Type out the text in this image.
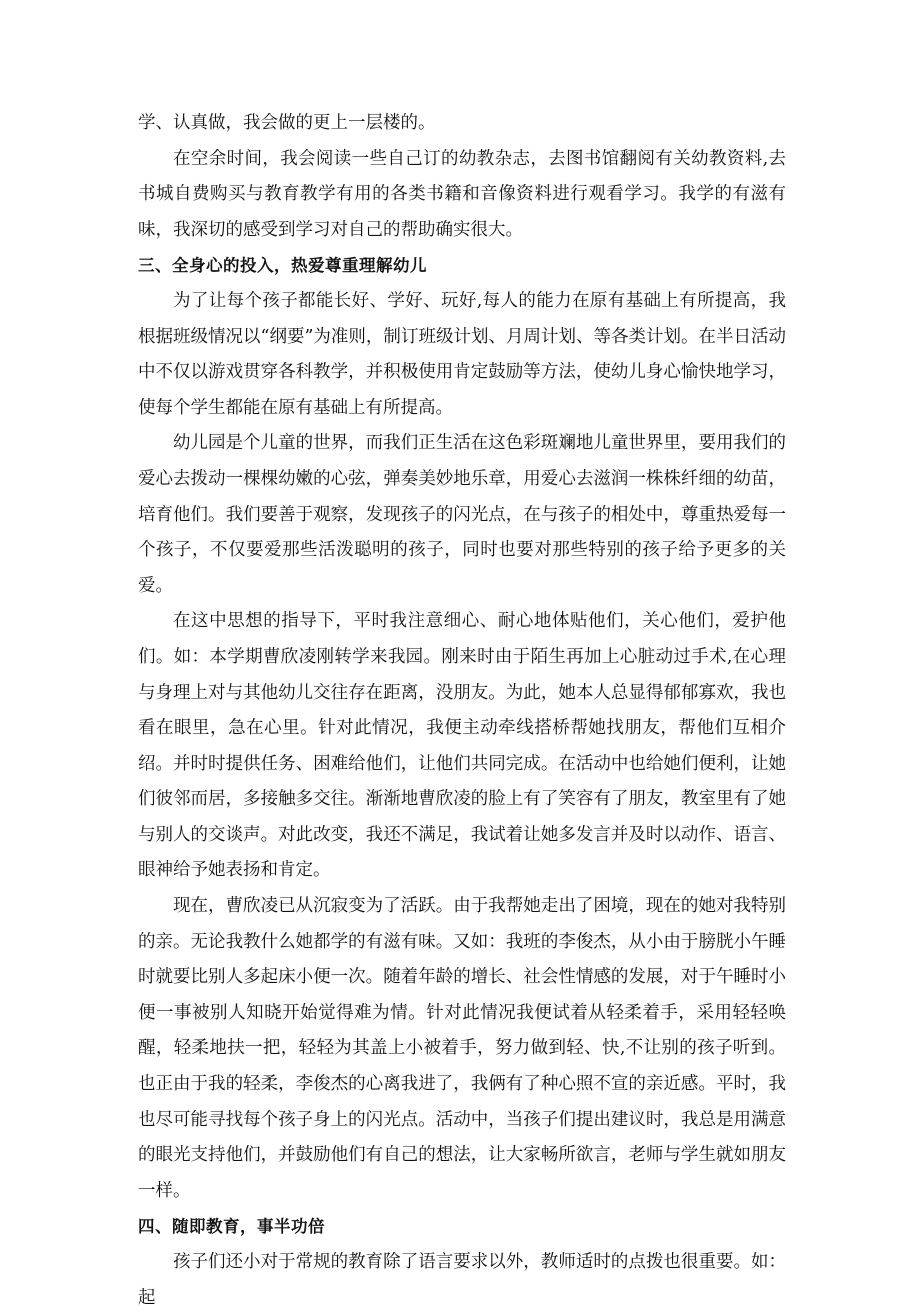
学、认真做，我会做的更上一层楼的。

在空余时间，我会阅读一些自己订的幼教杂志，去图书馆翻阅有关幼教资料,去书城自费购买与教育教学有用的各类书籍和音像资料进行观看学习。我学的有滋有味，我深切的感受到学习对自己的帮助确实很大。

三、全身心的投入，热爱尊重理解幼儿

为了让每个孩子都能长好、学好、玩好,每人的能力在原有基础上有所提高，我根据班级情况以“纲要”为准则，制订班级计划、月周计划、等各类计划。在半日活动中不仅以游戏贯穿各科教学，并积极使用肯定鼓励等方法，使幼儿身心愉快地学习，使每个学生都能在原有基础上有所提高。

幼儿园是个儿童的世界，而我们正生活在这色彩斑斓地儿童世界里，要用我们的爱心去拨动一棵棵幼嫩的心弦，弹奏美妙地乐章，用爱心去滋润一株株纤细的幼苗，培育他们。我们要善于观察，发现孩子的闪光点，在与孩子的相处中，尊重热爱每一个孩子，不仅要爱那些活泼聪明的孩子，同时也要对那些特别的孩子给予更多的关爱。

在这中思想的指导下，平时我注意细心、耐心地体贴他们，关心他们，爱护他们。如：本学期曹欣凌刚转学来我园。刚来时由于陌生再加上心脏动过手术,在心理与身理上对与其他幼儿交往存在距离，没朋友。为此，她本人总显得郁郁寡欢，我也看在眼里，急在心里。针对此情况，我便主动牵线搭桥帮她找朋友，帮他们互相介绍。并时时提供任务、困难给他们，让他们共同完成。在活动中也给她们便利，让她们彼邻而居，多接触多交往。渐渐地曹欣凌的脸上有了笑容有了朋友，教室里有了她与别人的交谈声。对此改变，我还不满足，我试着让她多发言并及时以动作、语言、眼神给予她表扬和肯定。

现在，曹欣凌已从沉寂变为了活跃。由于我帮她走出了困境，现在的她对我特别的亲。无论我教什么她都学的有滋有味。又如：我班的李俊杰，从小由于膀胱小午睡时就要比别人多起床小便一次。随着年龄的增长、社会性情感的发展，对于午睡时小便一事被别人知晓开始觉得难为情。针对此情况我便试着从轻柔着手，采用轻轻唤醒，轻柔地扶一把，轻轻为其盖上小被着手，努力做到轻、快,不让别的孩子听到。也正由于我的轻柔，李俊杰的心离我进了，我俩有了种心照不宣的亲近感。平时，我也尽可能寻找每个孩子身上的闪光点。活动中，当孩子们提出建议时，我总是用满意的眼光支持他们，并鼓励他们有自己的想法，让大家畅所欲言，老师与学生就如朋友一样。

四、随即教育，事半功倍

孩子们还小对于常规的教育除了语言要求以外，教师适时的点拨也很重要。如：起
